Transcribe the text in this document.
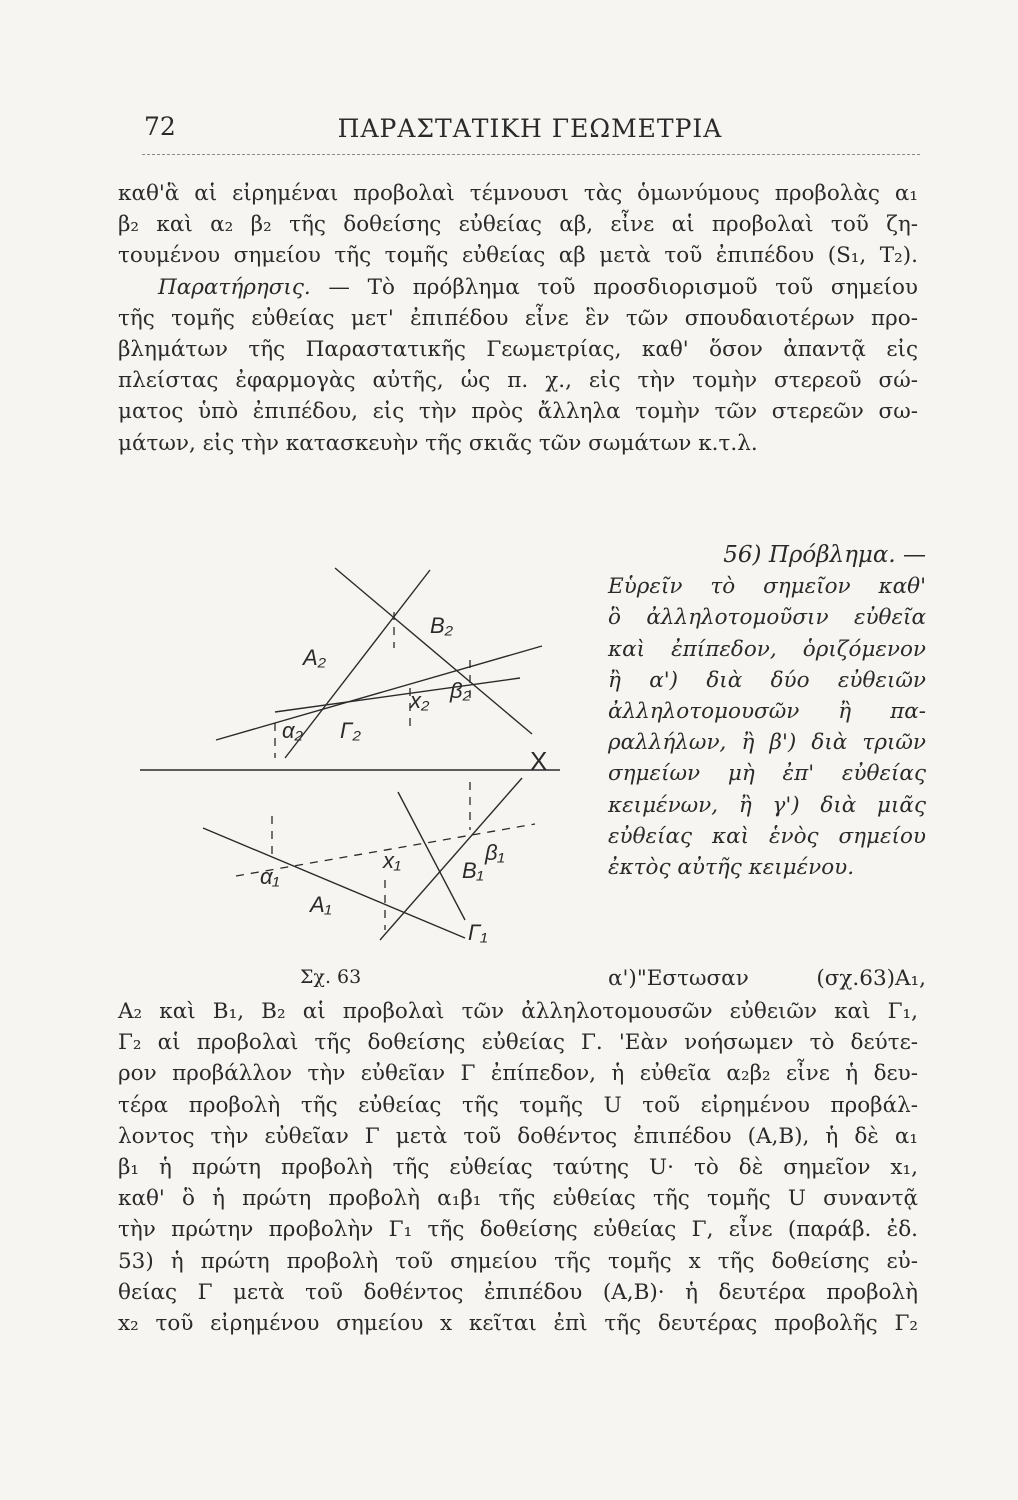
72	ΠΑΡΑΣΤΑΤΙΚΗ ΓΕΩΜΕΤΡΙΑ
καθ'ἃ αἱ εἰρημέναι προβολαὶ τέμνουσι τὰς ὁμωνύμους προβολὰς α₁
β₂ καὶ α₂ β₂ τῆς δοθείσης εὐθείας αβ, εἶνε αἱ προβολαὶ τοῦ ζη-
τουμένου σημείου τῆς τομῆς εὐθείας αβ μετὰ τοῦ ἐπιπέδου (S₁, T₂).
Παρατήρησις. — Τὸ πρόβλημα τοῦ προσδιορισμοῦ τοῦ σημείου
τῆς τομῆς εὐθείας μετ' ἐπιπέδου εἶνε ἓν τῶν σπουδαιοτέρων προ-
βλημάτων τῆς Παραστατικῆς Γεωμετρίας, καθ' ὅσον ἀπαντᾷ εἰς
πλείστας ἐφαρμογὰς αὐτῆς, ὡς π. χ., εἰς τὴν τομὴν στερεοῦ σώ-
ματος ὑπὸ ἐπιπέδου, εἰς τὴν πρὸς ἄλληλα τομὴν τῶν στερεῶν σω-
μάτων, εἰς τὴν κατασκευὴν τῆς σκιᾶς τῶν σωμάτων κ.τ.λ.
56) Πρόβλημα. —
Εὑρεῖν τὸ σημεῖον καθ'
ὃ ἀλληλοτομοῦσιν εὐθεῖα
καὶ ἐπίπεδον, ὁριζόμενον
ἢ α') διὰ δύο εὐθειῶν
ἀλληλοτομουσῶν ἢ πα-
ραλλήλων, ἢ β') διὰ τριῶν
σημείων μὴ ἐπ' εὐθείας
κειμένων, ἢ γ') διὰ μιᾶς
εὐθείας καὶ ἑνὸς σημείου
ἐκτὸς αὐτῆς κειμένου.
A₂
B₂
β₂
α₂ Γ₂
x₂
X
α₁
A₁
x₁	B₁
β₁
Γ₁
Σχ. 63	α')"Εστωσαν (σχ.63)Α₁,
Α₂ καὶ Β₁, Β₂ αἱ προβολαὶ τῶν ἀλληλοτομουσῶν εὐθειῶν καὶ Γ₁,
Γ₂ αἱ προβολαὶ τῆς δοθείσης εὐθείας Γ. 'Εὰν νοήσωμεν τὸ δεύτε-
ρον προβάλλον τὴν εὐθεῖαν Γ ἐπίπεδον, ἡ εὐθεῖα α₂β₂ εἶνε ἡ δευ-
τέρα προβολὴ τῆς εὐθείας τῆς τομῆς U τοῦ εἰρημένου προβάλ-
λοντος τὴν εὐθεῖαν Γ μετὰ τοῦ δοθέντος ἐπιπέδου (Α,Β), ἡ δὲ α₁
β₁ ἡ πρώτη προβολὴ τῆς εὐθείας ταύτης U· τὸ δὲ σημεῖον x₁,
καθ' ὃ ἡ πρώτη προβολὴ α₁β₁ τῆς εὐθείας τῆς τομῆς U συναντᾷ
τὴν πρώτην προβολὴν Γ₁ τῆς δοθείσης εὐθείας Γ, εἶνε (παράβ. ἐδ.
53) ἡ πρώτη προβολὴ τοῦ σημείου τῆς τομῆς x τῆς δοθείσης εὐ-
θείας Γ μετὰ τοῦ δοθέντος ἐπιπέδου (Α,Β)· ἡ δευτέρα προβολὴ
x₂ τοῦ εἰρημένου σημείου x κεῖται ἐπὶ τῆς δευτέρας προβολῆς Γ₂
